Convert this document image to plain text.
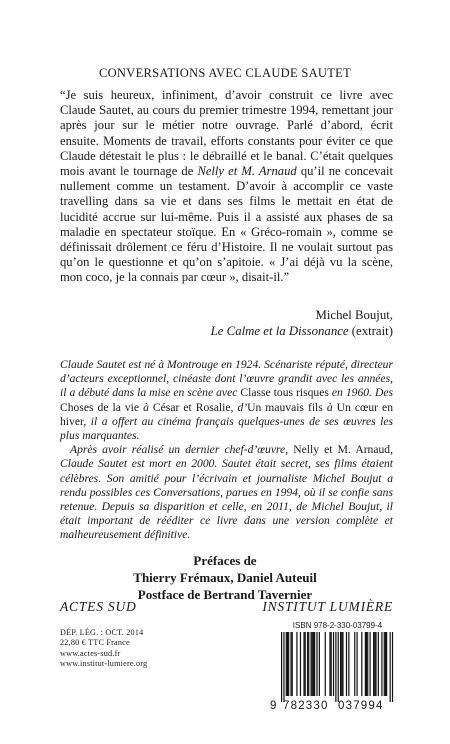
CONVERSATIONS AVEC CLAUDE SAUTET
“Je suis heureux, infiniment, d’avoir construit ce livre avec Claude Sautet, au cours du premier trimestre 1994, remettant jour après jour sur le métier notre ouvrage. Parlé d’abord, écrit ensuite. Moments de travail, efforts constants pour éviter ce que Claude détestait le plus : le débraillé et le banal. C’était quelques mois avant le tournage de Nelly et M. Arnaud qu’il ne concevait nullement comme un testament. D’avoir à accomplir ce vaste travelling dans sa vie et dans ses films le mettait en état de lucidité accrue sur lui-même. Puis il a assisté aux phases de sa maladie en spectateur stoïque. En « Gréco-romain », comme se définissait drôlement ce féru d’Histoire. Il ne voulait surtout pas qu’on le questionne et qu’on s’apitoie. « J’ai déjà vu la scène, mon coco, je la connais par cœur », disait-il.”
Michel Boujut,
Le Calme et la Dissonance (extrait)

Claude Sautet est né à Montrouge en 1924. Scénariste réputé, directeur d’acteurs exceptionnel, cinéaste dont l’œuvre grandit avec les années, il a débuté dans la mise en scène avec Classe tous risques en 1960. Des Choses de la vie à César et Rosalie, d’Un mauvais fils à Un cœur en hiver, il a offert au cinéma français quelques-unes de ses œuvres les plus marquantes.

Après avoir réalisé un dernier chef-d’œuvre, Nelly et M. Arnaud, Claude Sautet est mort en 2000. Sautet était secret, ses films étaient célèbres. Son amitié pour l’écrivain et journaliste Michel Boujut a rendu possibles ces Conversations, parues en 1994, où il se confie sans retenue. Depuis sa disparition et celle, en 2011, de Michel Boujut, il était important de rééditer ce livre dans une version complète et malheureusement définitive.

Préfaces de
Thierry Frémaux, Daniel Auteuil
Postface de Bertrand Tavernier
ACTES SUD	INSTITUT LUMIÈRE
DÉP. LÉG. : OCT. 2014
22,80 € TTC France
www.actes-sud.fr
www.institut-lumiere.org
ISBN 978-2-330-03799-4
9 782330 037994
